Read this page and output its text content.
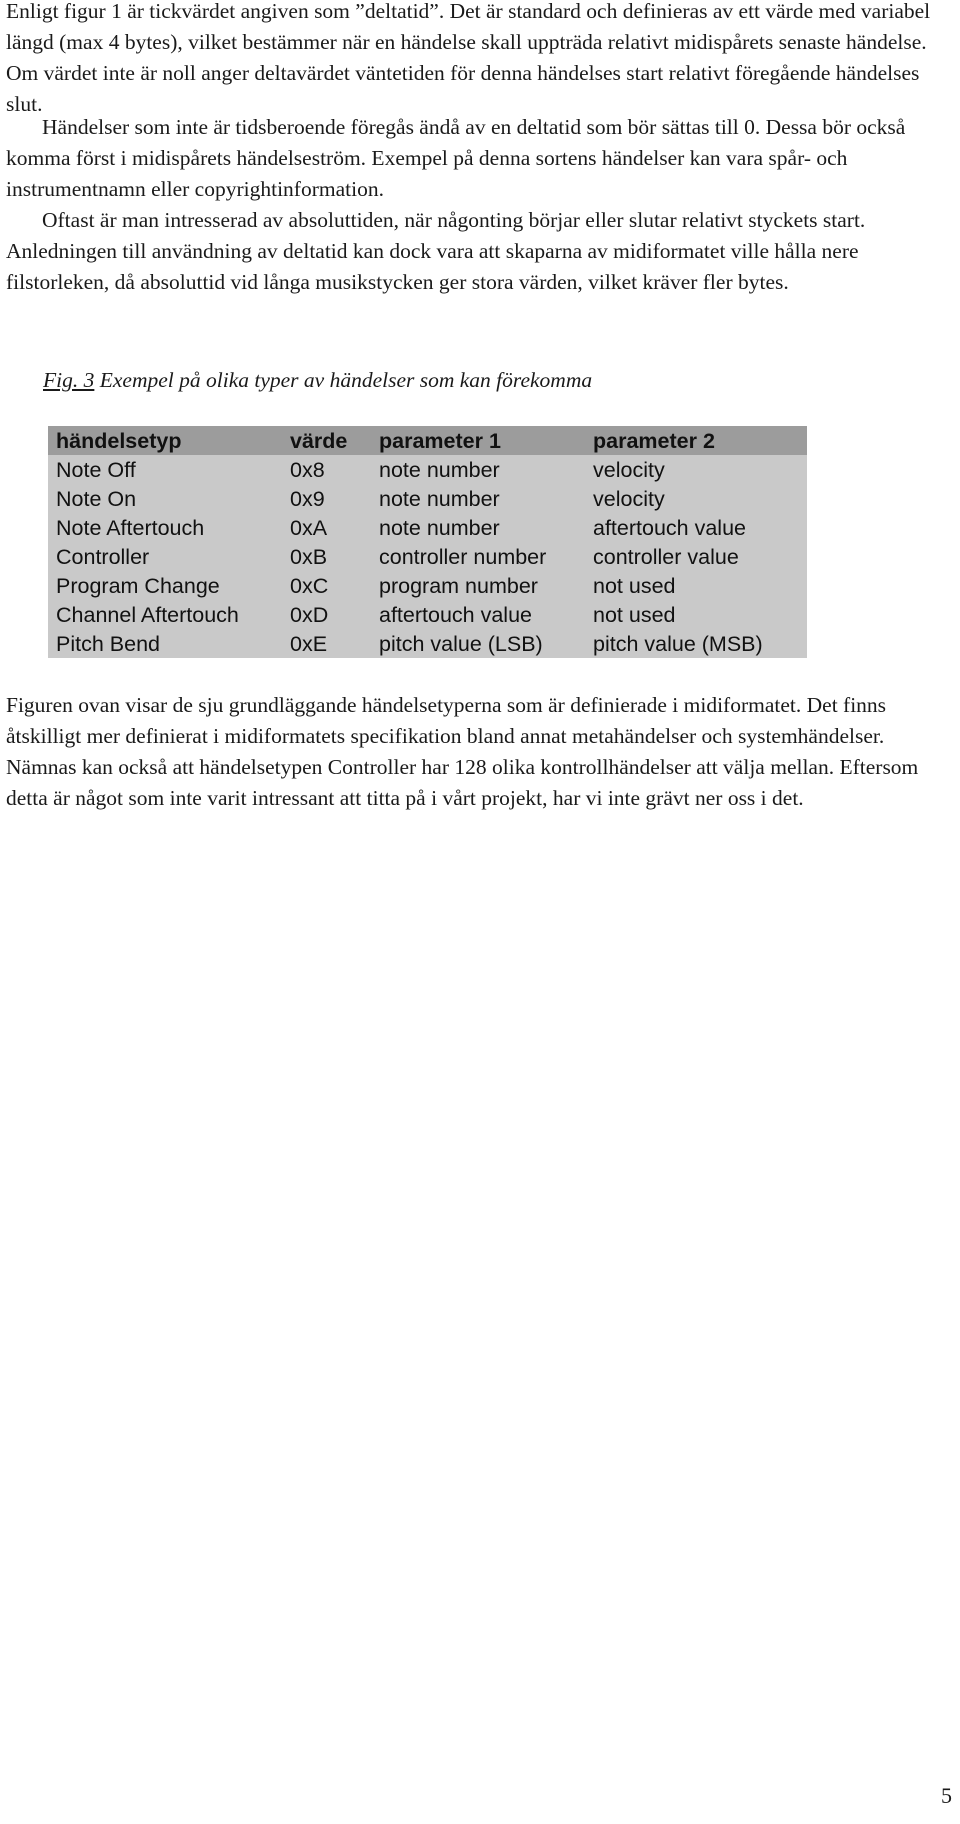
Enligt figur 1 är tickvärdet angiven som ”deltatid”. Det är standard och definieras av ett värde med variabel längd (max 4 bytes), vilket bestämmer när en händelse skall uppträda relativt midispårets senaste händelse. Om värdet inte är noll anger deltavärdet väntetiden för denna händelses start relativt föregående händelses slut.

Händelser som inte är tidsberoende föregås ändå av en deltatid som bör sättas till 0. Dessa bör också komma först i midispårets händelseström. Exempel på denna sortens händelser kan vara spår- och instrumentnamn eller copyrightinformation.

Oftast är man intresserad av absoluttiden, när någonting börjar eller slutar relativt styckets start. Anledningen till användning av deltatid kan dock vara att skaparna av midiformatet ville hålla nere filstorleken, då absoluttid vid långa musikstycken ger stora värden, vilket kräver fler bytes.

Fig. 3 Exempel på olika typer av händelser som kan förekomma

händelsetyp	värde	parameter 1	parameter 2
Note Off	0x8	note number	velocity
Note On	0x9	note number	velocity
Note Aftertouch	0xA	note number	aftertouch value
Controller	0xB	controller number	controller value
Program Change	0xC	program number	not used
Channel Aftertouch	0xD	aftertouch value	not used
Pitch Bend	0xE	pitch value (LSB)	pitch value (MSB)

Figuren ovan visar de sju grundläggande händelsetyperna som är definierade i midiformatet. Det finns åtskilligt mer definierat i midiformatets specifikation bland annat metahändelser och systemhändelser. Nämnas kan också att händelsetypen Controller har 128 olika kontrollhändelser att välja mellan. Eftersom detta är något som inte varit intressant att titta på i vårt projekt, har vi inte grävt ner oss i det.

5
